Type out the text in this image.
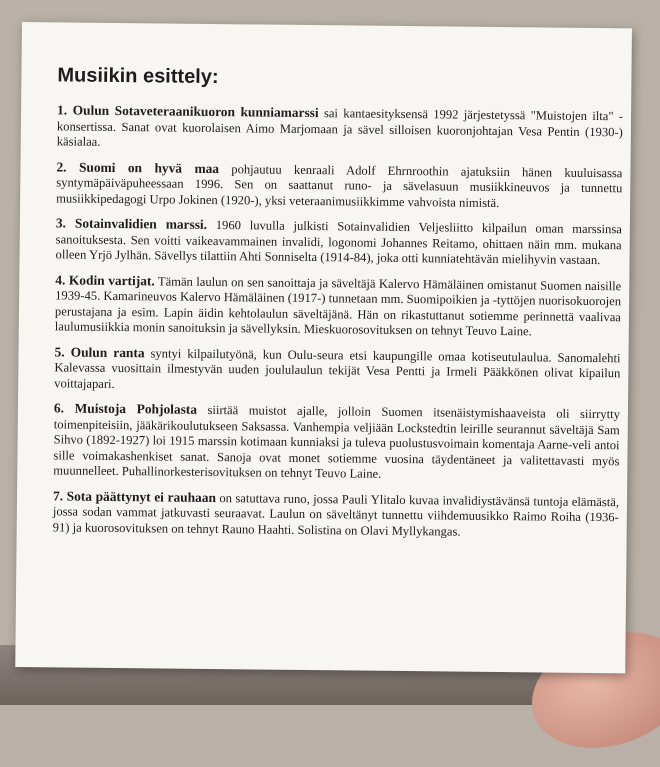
Musiikin esittely:

1. Oulun Sotaveteraanikuoron kunniamarssi sai kantaesityksensä 1992 järjestetyssä "Muistojen ilta" -konsertissa. Sanat ovat kuorolaisen Aimo Marjomaan ja sävel silloisen kuoronjohtajan Vesa Pentin (1930-) käsialaa.

2. Suomi on hyvä maa pohjautuu kenraali Adolf Ehrnroothin ajatuksiin hänen kuuluisassa syntymäpäiväpuheessaan 1996. Sen on saattanut runo- ja sävelasuun musiikkineuvos ja tunnettu musiikkipedagogi Urpo Jokinen (1920-), yksi veteraanimusiikkimme vahvoista nimistä.

3. Sotainvalidien marssi. 1960 luvulla julkisti Sotainvalidien Veljesliitto kilpailun oman marssinsa sanoituksesta. Sen voitti vaikeavammainen invalidi, logonomi Johannes Reitamo, ohittaen näin mm. mukana olleen Yrjö Jylhän. Sävellys tilattiin Ahti Sonniselta (1914-84), joka otti kunniatehtävän mielihyvin vastaan.

4. Kodin vartijat. Tämän laulun on sen sanoittaja ja säveltäjä Kalervo Hämäläinen omistanut Suomen naisille 1939-45. Kamarineuvos Kalervo Hämäläinen (1917-) tunnetaan mm. Suomipoikien ja -tyttöjen nuorisokuorojen perustajana ja esim. Lapin äidin kehtolaulun säveltäjänä. Hän on rikastuttanut sotiemme perinnettä vaalivaa laulumusiikkia monin sanoituksin ja sävellyksin. Mieskuorosovituksen on tehnyt Teuvo Laine.

5. Oulun ranta syntyi kilpailutyönä, kun Oulu-seura etsi kaupungille omaa kotiseutulaulua. Sanomalehti Kalevassa vuosittain ilmestyvän uuden joululaulun tekijät Vesa Pentti ja Irmeli Pääkkönen olivat kipailun voittajapari.

6. Muistoja Pohjolasta siirtää muistot ajalle, jolloin Suomen itsenäistymishaaveista oli siirrytty toimenpiteisiin, jääkärikoulutukseen Saksassa. Vanhempia veljiään Lockstedtin leirille seurannut säveltäjä Sam Sihvo (1892-1927) loi 1915 marssin kotimaan kunniaksi ja tuleva puolustusvoimain komentaja Aarne-veli antoi sille voimakashenkiset sanat. Sanoja ovat monet sotiemme vuosina täydentäneet ja valitettavasti myös muunnelleet. Puhallinorkesterisovituksen on tehnyt Teuvo Laine.

7. Sota päättynyt ei rauhaan on satuttava runo, jossa Pauli Ylitalo kuvaa invalidiystävänsä tuntoja elämästä, jossa sodan vammat jatkuvasti seuraavat. Laulun on säveltänyt tunnettu viihdemuusikko Raimo Roiha (1936-91) ja kuorosovituksen on tehnyt Rauno Haahti. Solistina on Olavi Myllykangas.
